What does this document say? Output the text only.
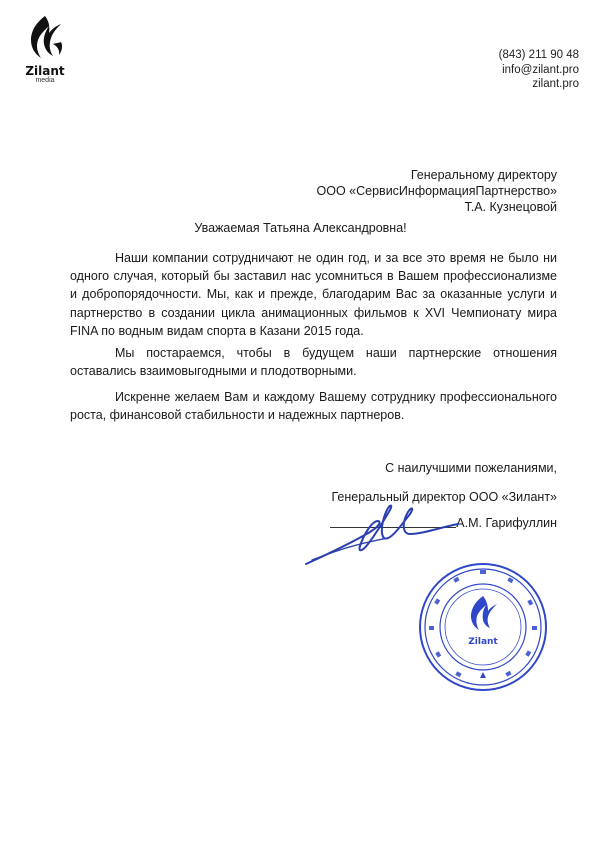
Zilant
media
(843) 211 90 48
info@zilant.pro
zilant.pro
Генеральному директору
ООО «СервисИнформацияПартнерство»
Т.А. Кузнецовой
Уважаемая Татьяна Александровна!

Наши компании сотрудничают не один год, и за все это время не было ни одного случая, который бы заставил нас усомниться в Вашем профессионализме и добропорядочности. Мы, как и прежде, благодарим Вас за оказанные услуги и партнерство в создании цикла анимационных фильмов к XVI Чемпионату мира FINA по водным видам спорта в Казани 2015 года.

Мы постараемся, чтобы в будущем наши партнерские отношения оставались взаимовыгодными и плодотворными.

Искренне желаем Вам и каждому Вашему сотруднику профессионального роста, финансовой стабильности и надежных партнеров.

С наилучшими пожеланиями,
Генеральный директор ООО «Зилант»
А.М. Гарифуллин
Zilant
